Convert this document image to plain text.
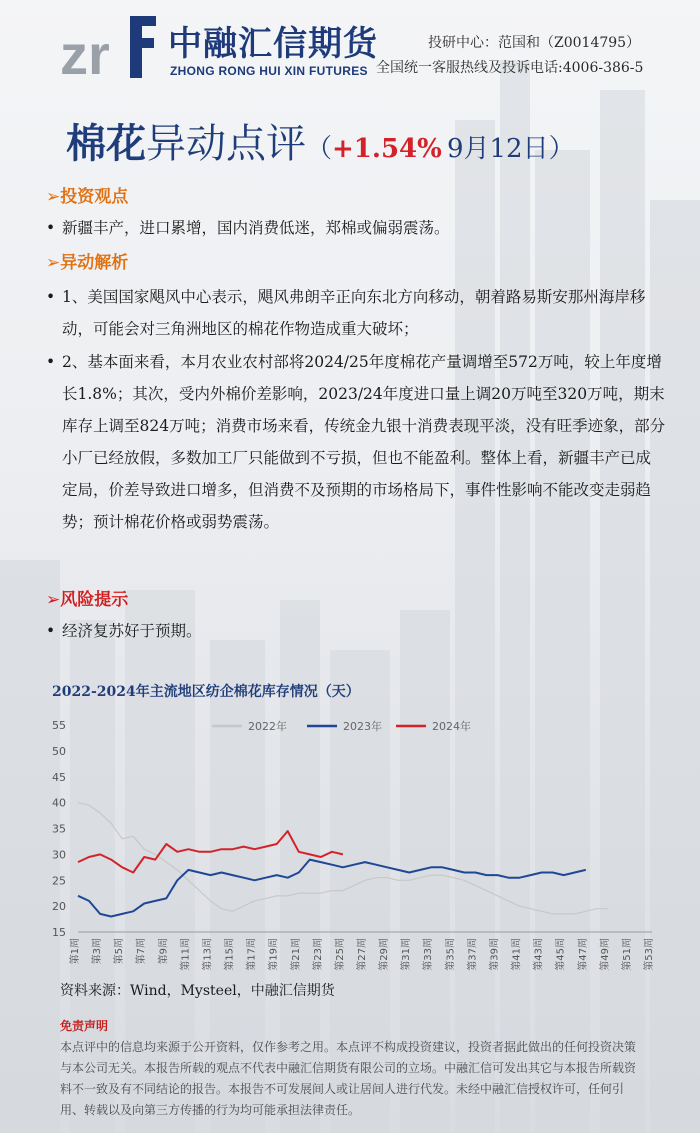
zr 中融汇信期货
ZHONG RONG HUI XIN FUTURES
投研中心：范国和（Z0014795）
全国统一客服热线及投诉电话:4006-386-5
棉花异动点评（+1.54% 9月12日）
➢投资观点
• 新疆丰产，进口累增，国内消费低迷，郑棉或偏弱震荡。
➢异动解析
• 1、美国国家飓风中心表示，飓风弗朗辛正向东北方向移动，朝着路易斯安那州海岸移动，可能会对三角洲地区的棉花作物造成重大破坏；
• 2、基本面来看，本月农业农村部将2024/25年度棉花产量调增至572万吨，较上年度增长1.8%；其次，受内外棉价差影响，2023/24年度进口量上调20万吨至320万吨，期末库存上调至824万吨；消费市场来看，传统金九银十消费表现平淡，没有旺季迹象，部分小厂已经放假，多数加工厂只能做到不亏损，但也不能盈利。整体上看，新疆丰产已成定局，价差导致进口增多，但消费不及预期的市场格局下，事件性影响不能改变走弱趋势；预计棉花价格或弱势震荡。
➢风险提示
• 经济复苏好于预期。
2022-2024年主流地区纺企棉花库存情况（天）
55
50
45
40
35
30
25
20
15
第1周 第3周 第5周 第7周 第9周 第11周 第13周 第15周 第17周 第19周 第21周 第23周 第25周 第27周 第29周 第31周 第33周 第35周 第37周 第39周 第41周 第43周 第45周 第47周 第49周 第51周 第53周
2022年	2023年	2024年
资料来源：Wind，Mysteel，中融汇信期货
免责声明
本点评中的信息均来源于公开资料，仅作参考之用。本点评不构成投资建议，投资者据此做出的任何投资决策与本公司无关。本报告所载的观点不代表中融汇信期货有限公司的立场。中融汇信可发出其它与本报告所载资料不一致及有不同结论的报告。本报告不可发展间人或让居间人进行代发。未经中融汇信授权许可，任何引用、转载以及向第三方传播的行为均可能承担法律责任。
